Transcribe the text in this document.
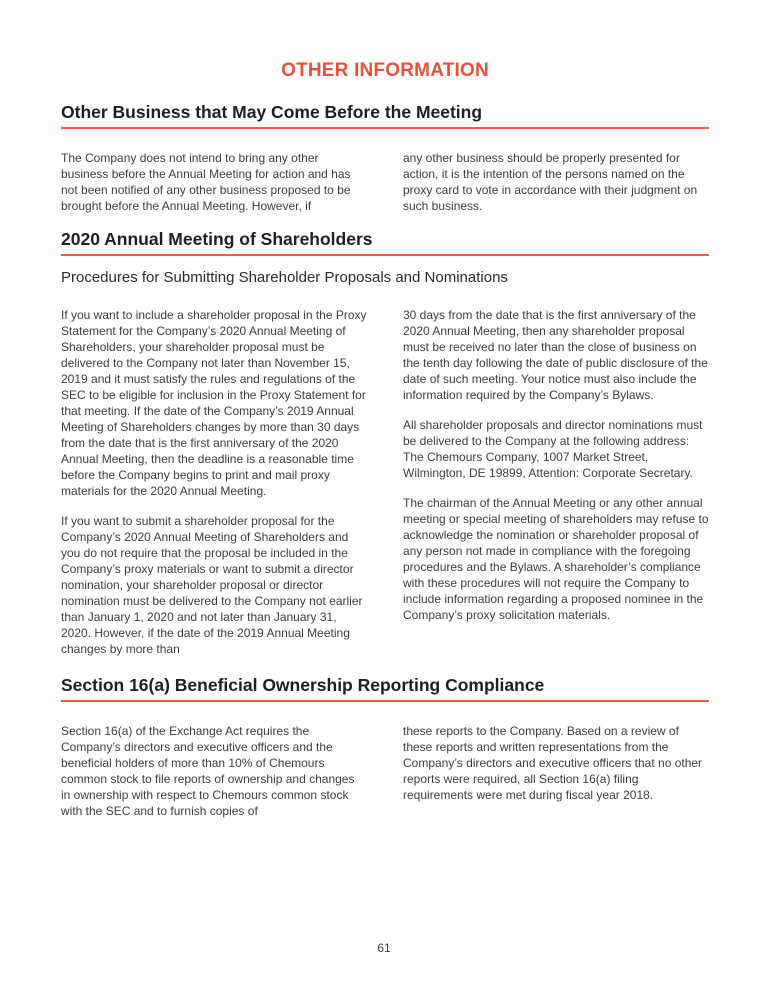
OTHER INFORMATION
Other Business that May Come Before the Meeting

The Company does not intend to bring any other business before the Annual Meeting for action and has not been notified of any other business proposed to be brought before the Annual Meeting. However, if

any other business should be properly presented for action, it is the intention of the persons named on the proxy card to vote in accordance with their judgment on such business.

2020 Annual Meeting of Shareholders
Procedures for Submitting Shareholder Proposals and Nominations

If you want to include a shareholder proposal in the Proxy Statement for the Company’s 2020 Annual Meeting of Shareholders, your shareholder proposal must be delivered to the Company not later than November 15, 2019 and it must satisfy the rules and regulations of the SEC to be eligible for inclusion in the Proxy Statement for that meeting. If the date of the Company’s 2019 Annual Meeting of Shareholders changes by more than 30 days from the date that is the first anniversary of the 2020 Annual Meeting, then the deadline is a reasonable time before the Company begins to print and mail proxy materials for the 2020 Annual Meeting.

If you want to submit a shareholder proposal for the Company’s 2020 Annual Meeting of Shareholders and you do not require that the proposal be included in the Company’s proxy materials or want to submit a director nomination, your shareholder proposal or director nomination must be delivered to the Company not earlier than January 1, 2020 and not later than January 31, 2020. However, if the date of the 2019 Annual Meeting changes by more than

30 days from the date that is the first anniversary of the 2020 Annual Meeting, then any shareholder proposal must be received no later than the close of business on the tenth day following the date of public disclosure of the date of such meeting. Your notice must also include the information required by the Company’s Bylaws.

All shareholder proposals and director nominations must be delivered to the Company at the following address: The Chemours Company, 1007 Market Street, Wilmington, DE 19899, Attention: Corporate Secretary.

The chairman of the Annual Meeting or any other annual meeting or special meeting of shareholders may refuse to acknowledge the nomination or shareholder proposal of any person not made in compliance with the foregoing procedures and the Bylaws. A shareholder’s compliance with these procedures will not require the Company to include information regarding a proposed nominee in the Company’s proxy solicitation materials.

Section 16(a) Beneficial Ownership Reporting Compliance

Section 16(a) of the Exchange Act requires the Company’s directors and executive officers and the beneficial holders of more than 10% of Chemours common stock to file reports of ownership and changes in ownership with respect to Chemours common stock with the SEC and to furnish copies of

these reports to the Company. Based on a review of these reports and written representations from the Company’s directors and executive officers that no other reports were required, all Section 16(a) filing requirements were met during fiscal year 2018.

61
